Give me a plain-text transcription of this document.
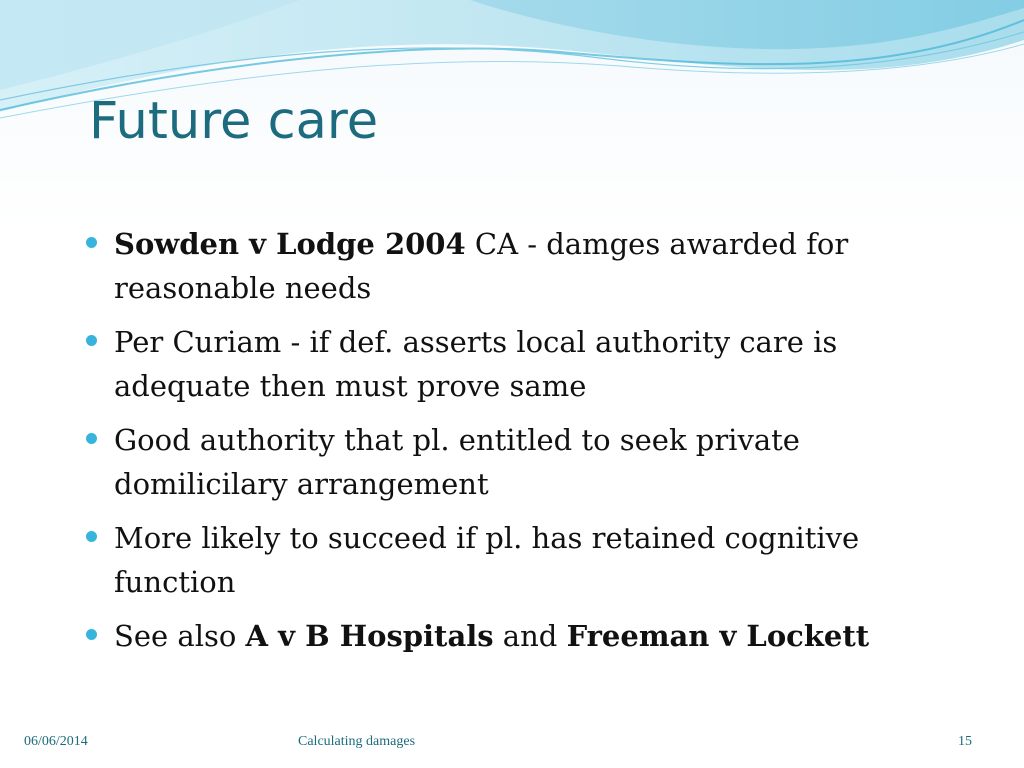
Future care
Sowden v Lodge 2004 CA - damges awarded for reasonable needs
Per Curiam - if def. asserts local authority care is adequate then must prove same
Good authority that pl. entitled to seek private domilicilary arrangement
More likely to succeed if pl. has retained cognitive function
See also A v B Hospitals and Freeman v Lockett
06/06/2014	Calculating damages	15
